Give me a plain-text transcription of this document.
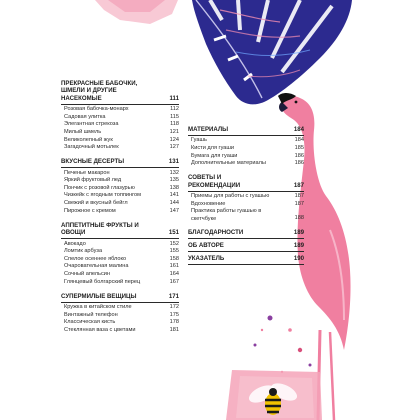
ПРЕКРАСНЫЕ БАБОЧКИ, ШМЕЛИ И ДРУГИЕ НАСЕКОМЫЕ	111
Розовая бабочка-монарх	112
Садовая улитка	115
Элегантная стрекоза	118
Милый шмель	121
Великолепный жук	124
Загадочный мотылек	127
ВКУСНЫЕ ДЕСЕРТЫ	131
Печенье макарон	132
Яркий фруктовый лед	135
Пончик с розовой глазурью	138
Чизкейк с ягодным топпингом	141
Свежий и вкусный бейгл	144
Пирожное с кремом	147
АППЕТИТНЫЕ ФРУКТЫ И ОВОЩИ	151
Авокадо	152
Ломтик арбуза	155
Спелое осеннее яблоко	158
Очаровательная малина	161
Сочный апельсин	164
Глянцевый болгарский перец	167
СУПЕРМИЛЫЕ ВЕЩИЦЫ	171
Кружка в китайском стиле	172
Винтажный телефон	175
Классическая кисть	178
Стеклянная ваза с цветами	181
МАТЕРИАЛЫ	184
Гуашь	184
Кисти для гуаши	185
Бумага для гуаши	186
Дополнительные материалы	186
СОВЕТЫ И РЕКОМЕНДАЦИИ	187
Приемы для работы с гуашью	187
Вдохновение	187
Практика работы гуашью в скетчбуке	188
БЛАГОДАРНОСТИ	189
ОБ АВТОРЕ	189
УКАЗАТЕЛЬ	190
